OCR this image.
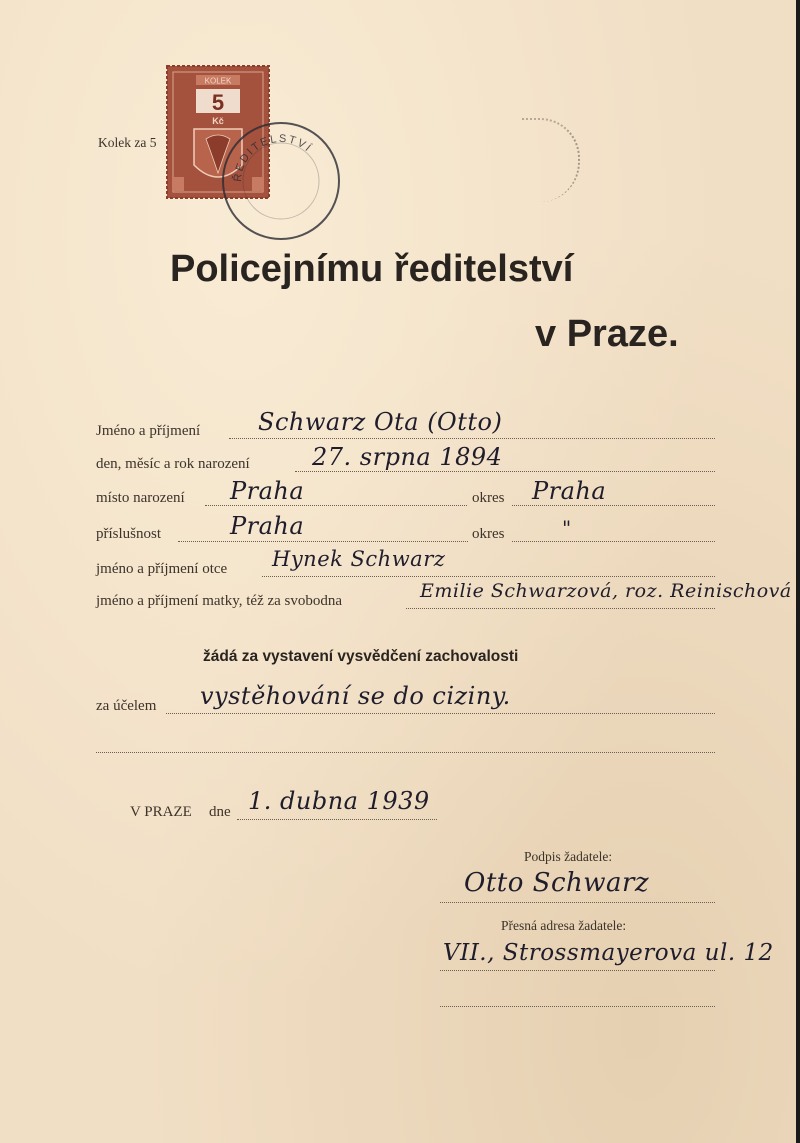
Kolek za 5
KOLEK
5
Kč
ŘEDITELSTVÍ
Policejnímu ředitelství
v Praze.
Jméno a příjmení Schwarz Ota (Otto)
den, měsíc a rok narození	27. srpna 1894
místo narození Praha	okres Praha
příslušnost	Praha	okres	"
jméno a příjmení otce Hynek Schwarz
jméno a příjmení matky, též za svobodna	Emilie Schwarzová, roz. Reinischová
žádá za vystavení vysvědčení zachovalosti
za účelem vystěhování se do ciziny.
V PRAZE dne 1. dubna 1939
Podpis žadatele:
Otto Schwarz
Přesná adresa žadatele:
VII., Strossmayerova ul. 12
